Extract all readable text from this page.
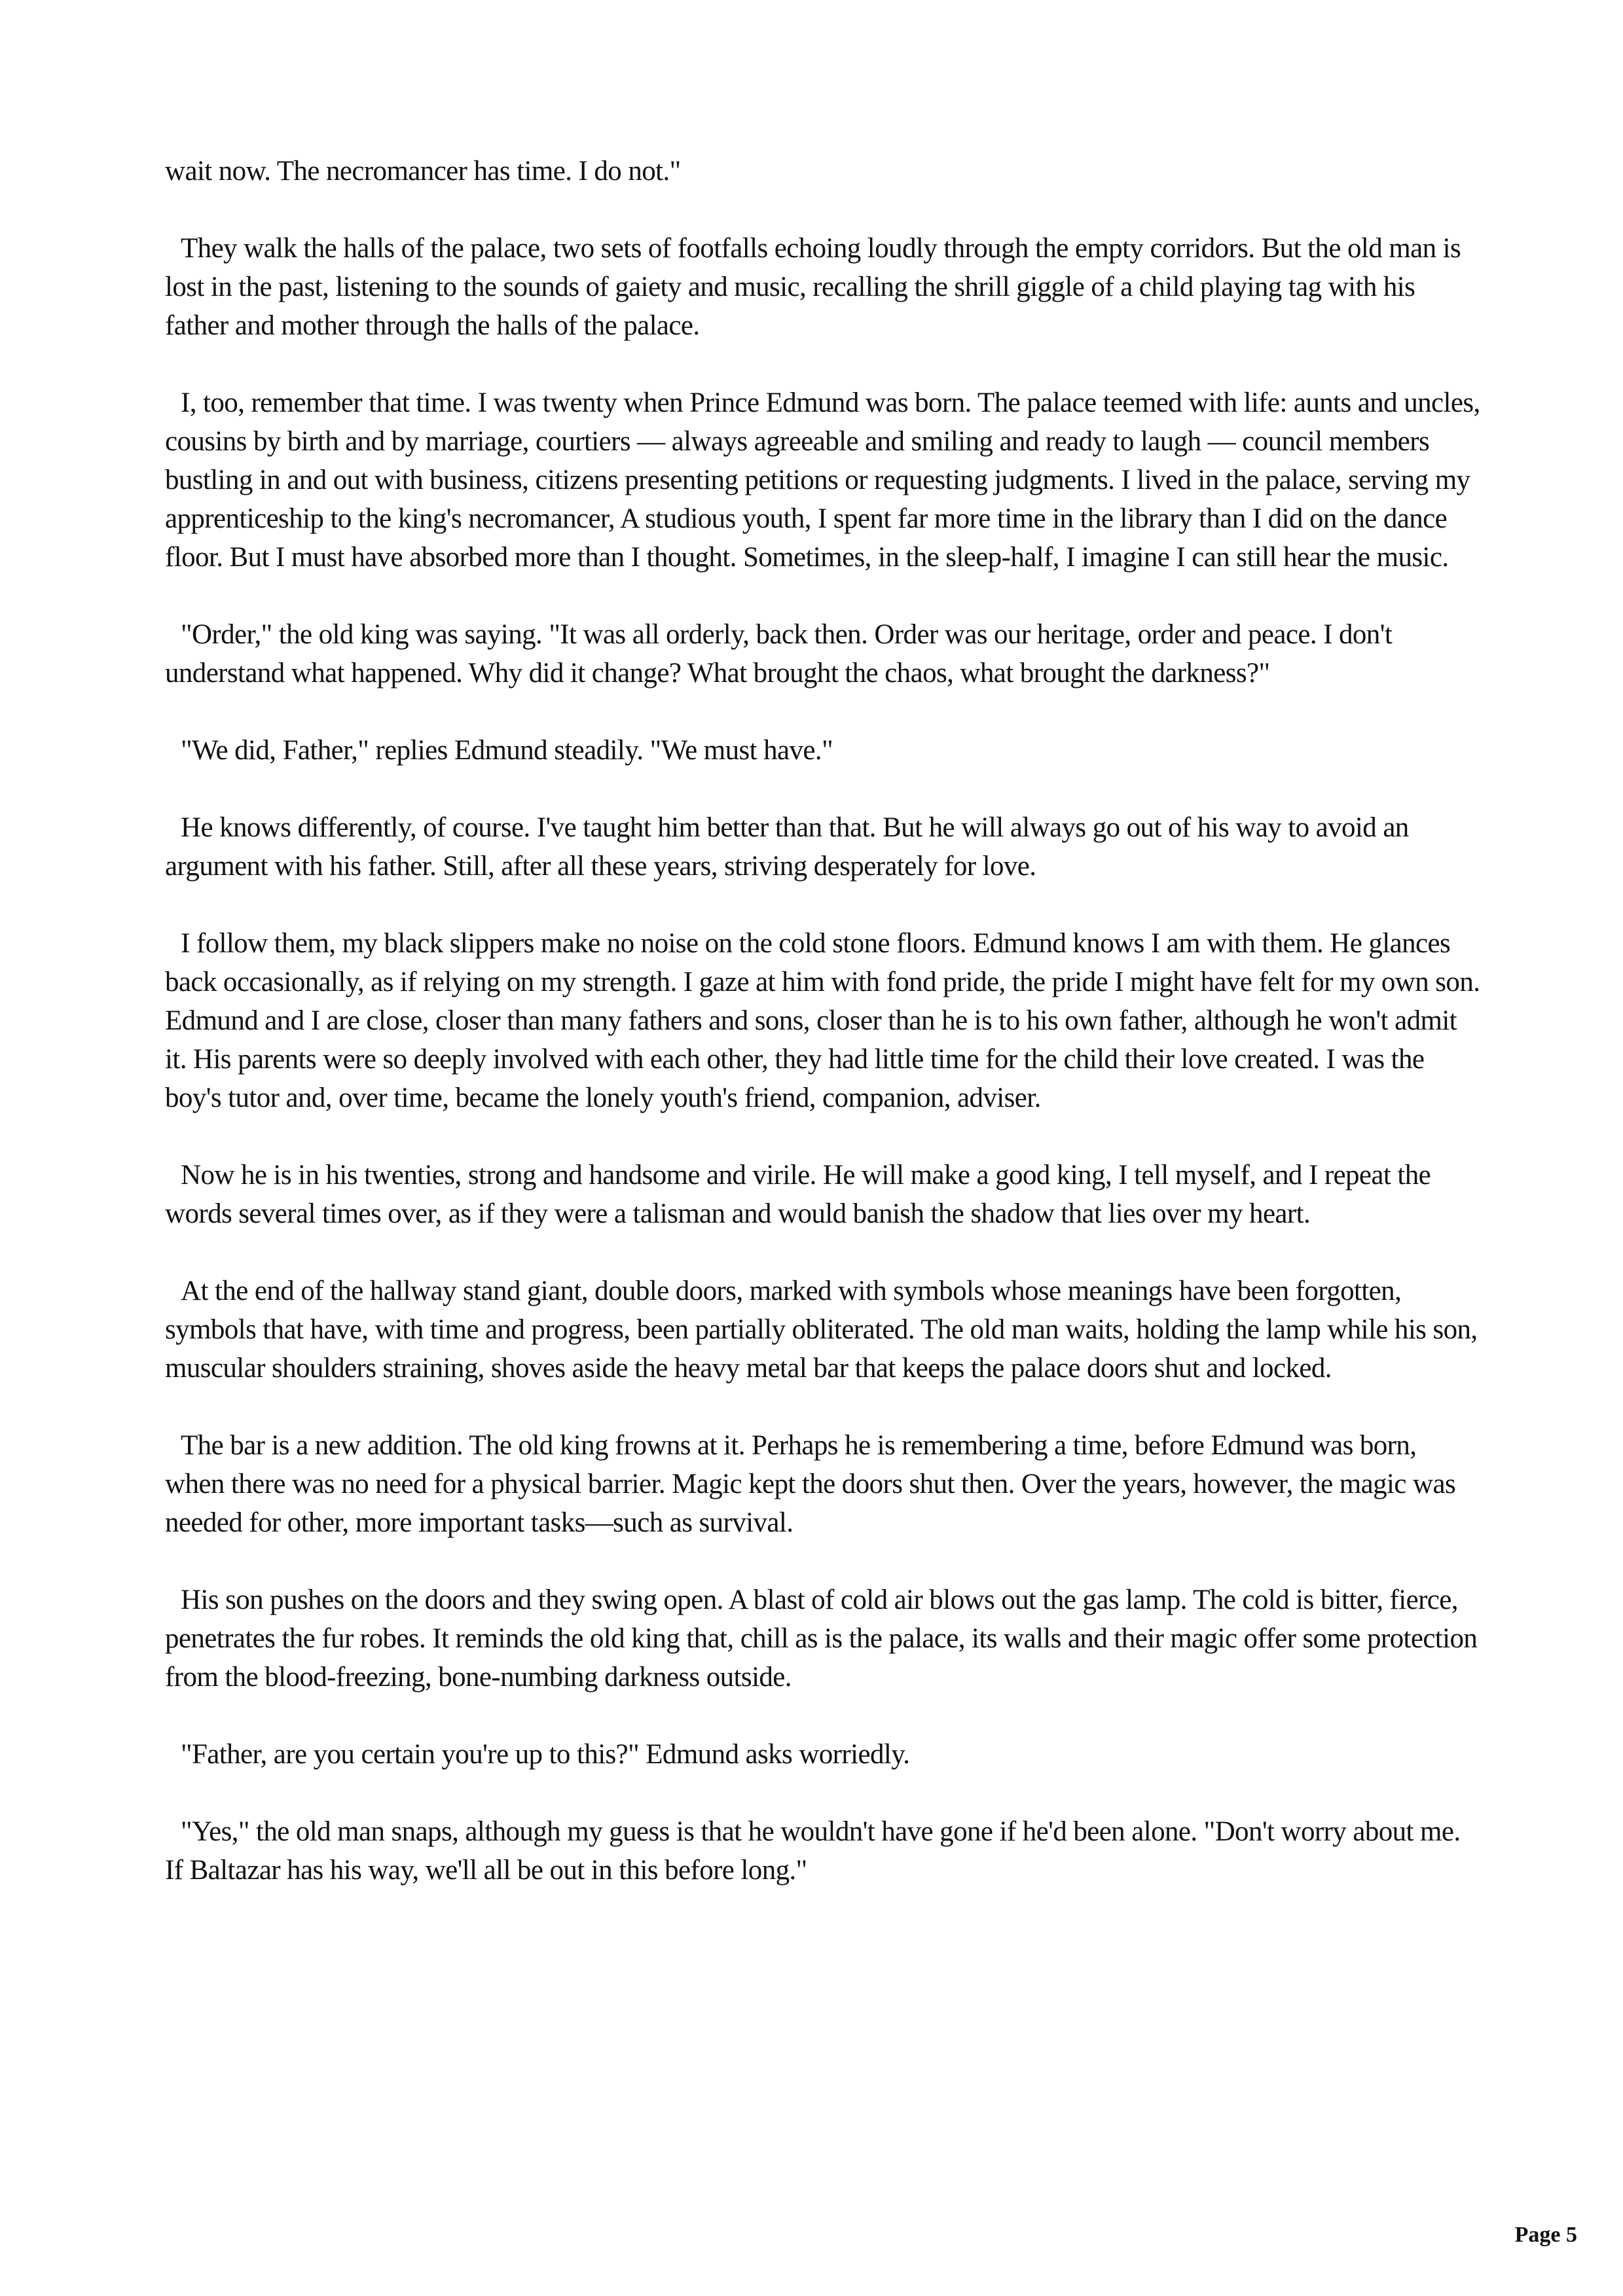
wait now. The necromancer has time. I do not."

They walk the halls of the palace, two sets of footfalls echoing loudly through the empty corridors. But the old man is lost in the past, listening to the sounds of gaiety and music, recalling the shrill giggle of a child playing tag with his father and mother through the halls of the palace.

I, too, remember that time. I was twenty when Prince Edmund was born. The palace teemed with life: aunts and uncles, cousins by birth and by marriage, courtiers — always agreeable and smiling and ready to laugh — council members bustling in and out with business, citizens presenting petitions or requesting judgments. I lived in the palace, serving my apprenticeship to the king's necromancer, A studious youth, I spent far more time in the library than I did on the dance floor. But I must have absorbed more than I thought. Sometimes, in the sleep-half, I imagine I can still hear the music.

"Order," the old king was saying. "It was all orderly, back then. Order was our heritage, order and peace. I don't understand what happened. Why did it change? What brought the chaos, what brought the darkness?"

"We did, Father," replies Edmund steadily. "We must have."

He knows differently, of course. I've taught him better than that. But he will always go out of his way to avoid an argument with his father. Still, after all these years, striving desperately for love.

I follow them, my black slippers make no noise on the cold stone floors. Edmund knows I am with them. He glances back occasionally, as if relying on my strength. I gaze at him with fond pride, the pride I might have felt for my own son. Edmund and I are close, closer than many fathers and sons, closer than he is to his own father, although he won't admit it. His parents were so deeply involved with each other, they had little time for the child their love created. I was the boy's tutor and, over time, became the lonely youth's friend, companion, adviser.

Now he is in his twenties, strong and handsome and virile. He will make a good king, I tell myself, and I repeat the words several times over, as if they were a talisman and would banish the shadow that lies over my heart.

At the end of the hallway stand giant, double doors, marked with symbols whose meanings have been forgotten, symbols that have, with time and progress, been partially obliterated. The old man waits, holding the lamp while his son, muscular shoulders straining, shoves aside the heavy metal bar that keeps the palace doors shut and locked.

The bar is a new addition. The old king frowns at it. Perhaps he is remembering a time, before Edmund was born, when there was no need for a physical barrier. Magic kept the doors shut then. Over the years, however, the magic was needed for other, more important tasks—such as survival.

His son pushes on the doors and they swing open. A blast of cold air blows out the gas lamp. The cold is bitter, fierce, penetrates the fur robes. It reminds the old king that, chill as is the palace, its walls and their magic offer some protection from the blood-freezing, bone-numbing darkness outside.

"Father, are you certain you're up to this?" Edmund asks worriedly.

"Yes," the old man snaps, although my guess is that he wouldn't have gone if he'd been alone. "Don't worry about me. If Baltazar has his way, we'll all be out in this before long."

Page 5
